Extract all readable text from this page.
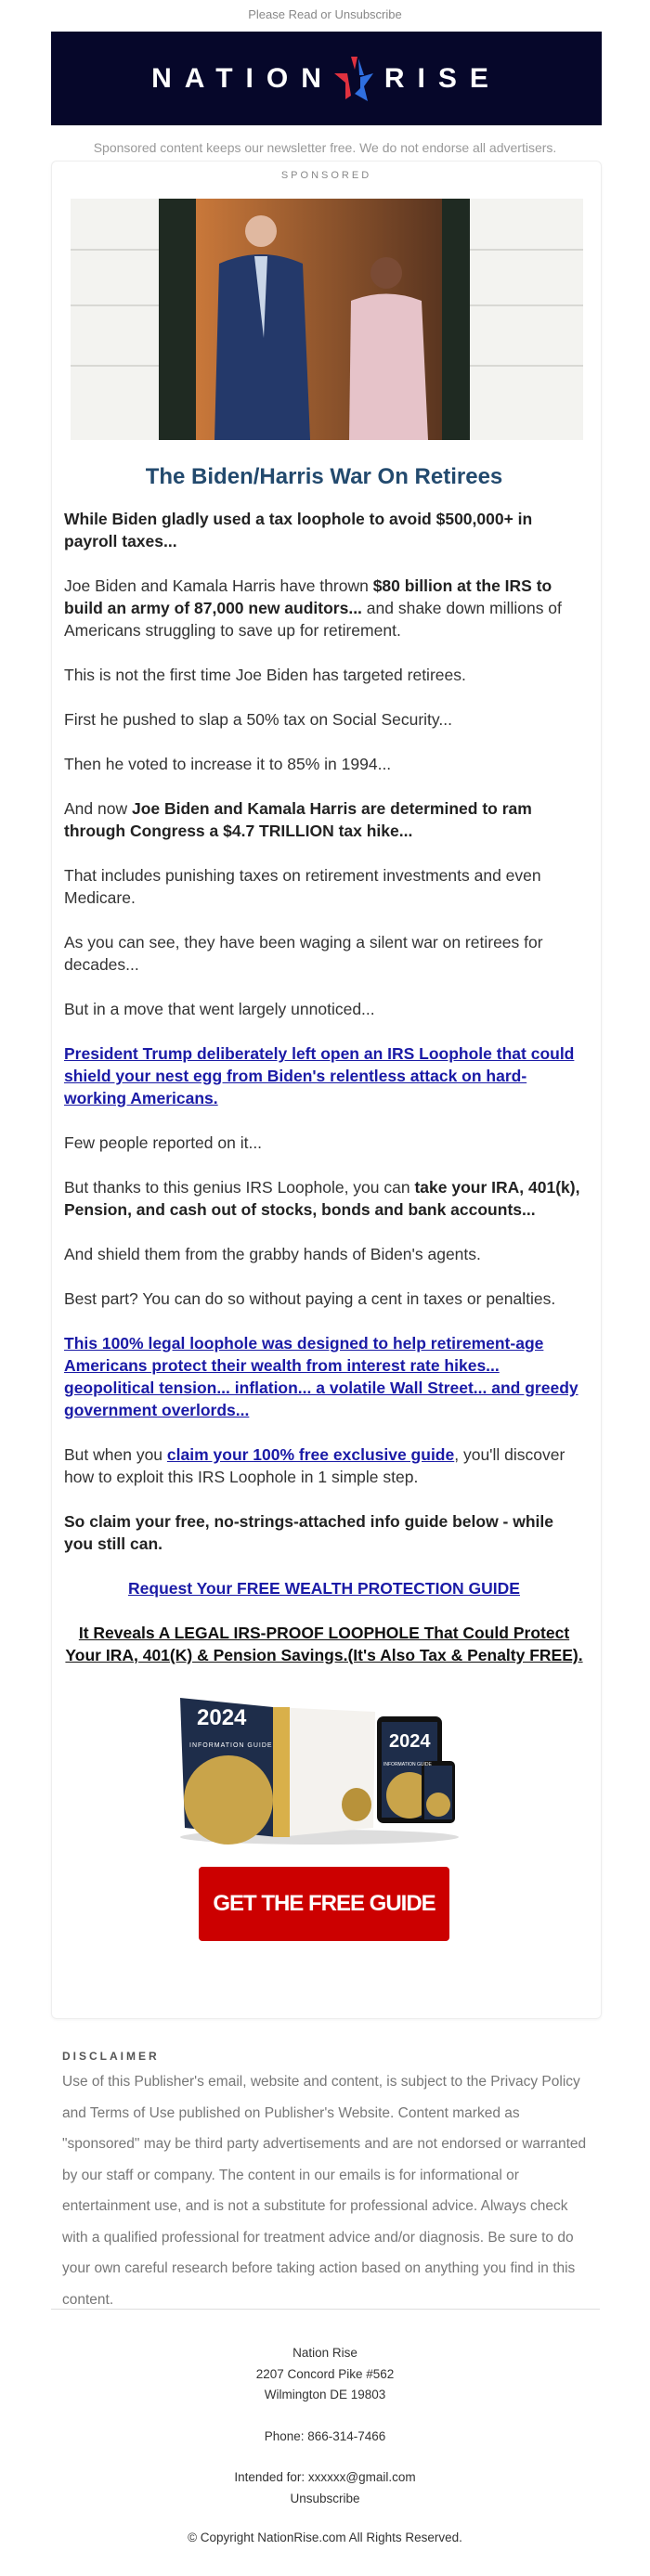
Please Read or Unsubscribe
NATION RISE
Sponsored content keeps our newsletter free. We do not endorse all advertisers.
SPONSORED
The Biden/Harris War On Retirees

While Biden gladly used a tax loophole to avoid $500,000+ in payroll taxes...

Joe Biden and Kamala Harris have thrown $80 billion at the IRS to build an army of 87,000 new auditors... and shake down millions of Americans struggling to save up for retirement.

This is not the first time Joe Biden has targeted retirees.

First he pushed to slap a 50% tax on Social Security...

Then he voted to increase it to 85% in 1994...

And now Joe Biden and Kamala Harris are determined to ram through Congress a $4.7 TRILLION tax hike...

That includes punishing taxes on retirement investments and even Medicare.

As you can see, they have been waging a silent war on retirees for decades...

But in a move that went largely unnoticed...

President Trump deliberately left open an IRS Loophole that could shield your nest egg from Biden's relentless attack on hard-working Americans.

Few people reported on it...

But thanks to this genius IRS Loophole, you can take your IRA, 401(k), Pension, and cash out of stocks, bonds and bank accounts...

And shield them from the grabby hands of Biden's agents.

Best part? You can do so without paying a cent in taxes or penalties.

This 100% legal loophole was designed to help retirement-age Americans protect their wealth from interest rate hikes... geopolitical tension... inflation... a volatile Wall Street... and greedy government overlords...

But when you claim your 100% free exclusive guide, you'll discover how to exploit this IRS Loophole in 1 simple step.

So claim your free, no-strings-attached info guide below - while you still can.

Request Your FREE WEALTH PROTECTION GUIDE

It Reveals A LEGAL IRS-PROOF LOOPHOLE That Could Protect Your IRA, 401(K) & Pension Savings.(It's Also Tax & Penalty FREE).

2024
INFORMATION GUIDE	2024
INFORMATION GUIDE
GET THE FREE GUIDE
DISCLAIMER
Use of this Publisher's email, website and content, is subject to the Privacy Policy and Terms of Use published on Publisher's Website. Content marked as "sponsored" may be third party advertisements and are not endorsed or warranted by our staff or company. The content in our emails is for informational or entertainment use, and is not a substitute for professional advice. Always check with a qualified professional for treatment advice and/or diagnosis. Be sure to do your own careful research before taking action based on anything you find in this content.
Nation Rise
2207 Concord Pike #562
Wilmington DE 19803
Phone: 866-314-7466
Intended for: xxxxxx@gmail.com
Unsubscribe
© Copyright NationRise.com All Rights Reserved.
